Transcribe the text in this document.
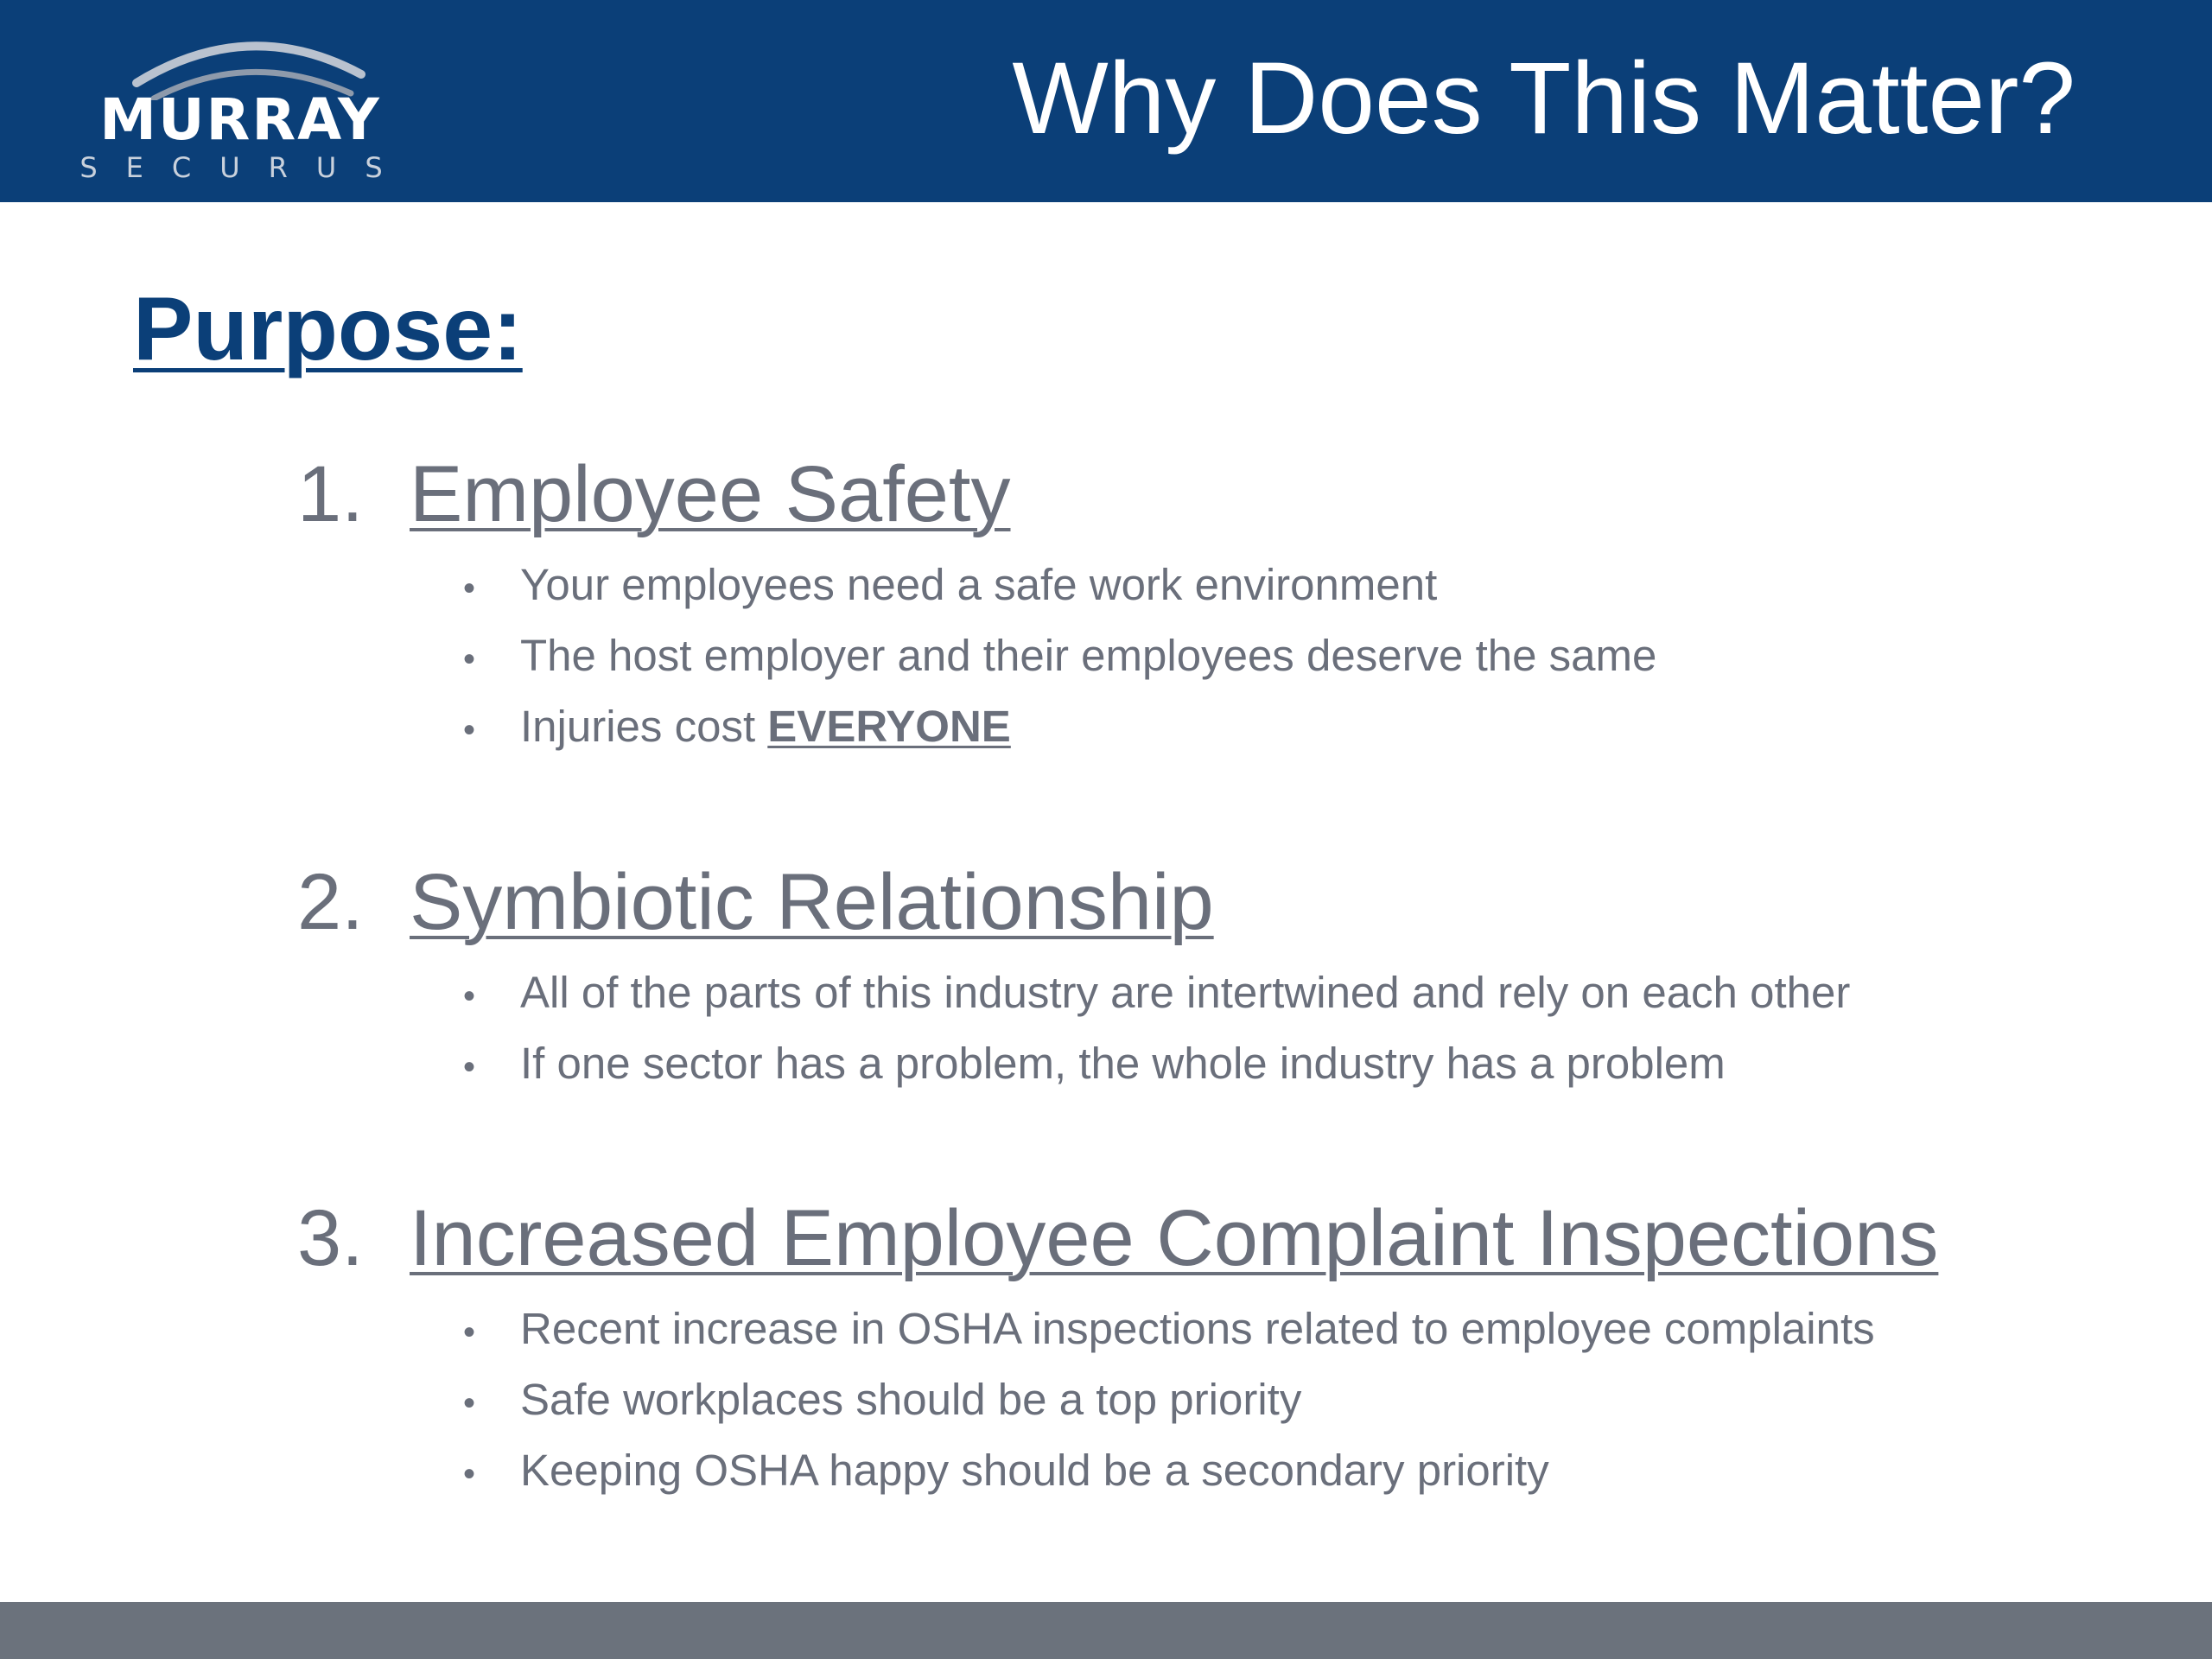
MURRAY
SECURUS
Why Does This Matter?
Purpose:
1. Employee Safety
•	Your employees need a safe work environment
•	The host employer and their employees deserve the same
•	Injuries cost EVERYONE
2. Symbiotic Relationship
•	All of the parts of this industry are intertwined and rely on each other
•	If one sector has a problem, the whole industry has a problem
3. Increased Employee Complaint Inspections
•	Recent increase in OSHA inspections related to employee complaints
•	Safe workplaces should be a top priority
•	Keeping OSHA happy should be a secondary priority
